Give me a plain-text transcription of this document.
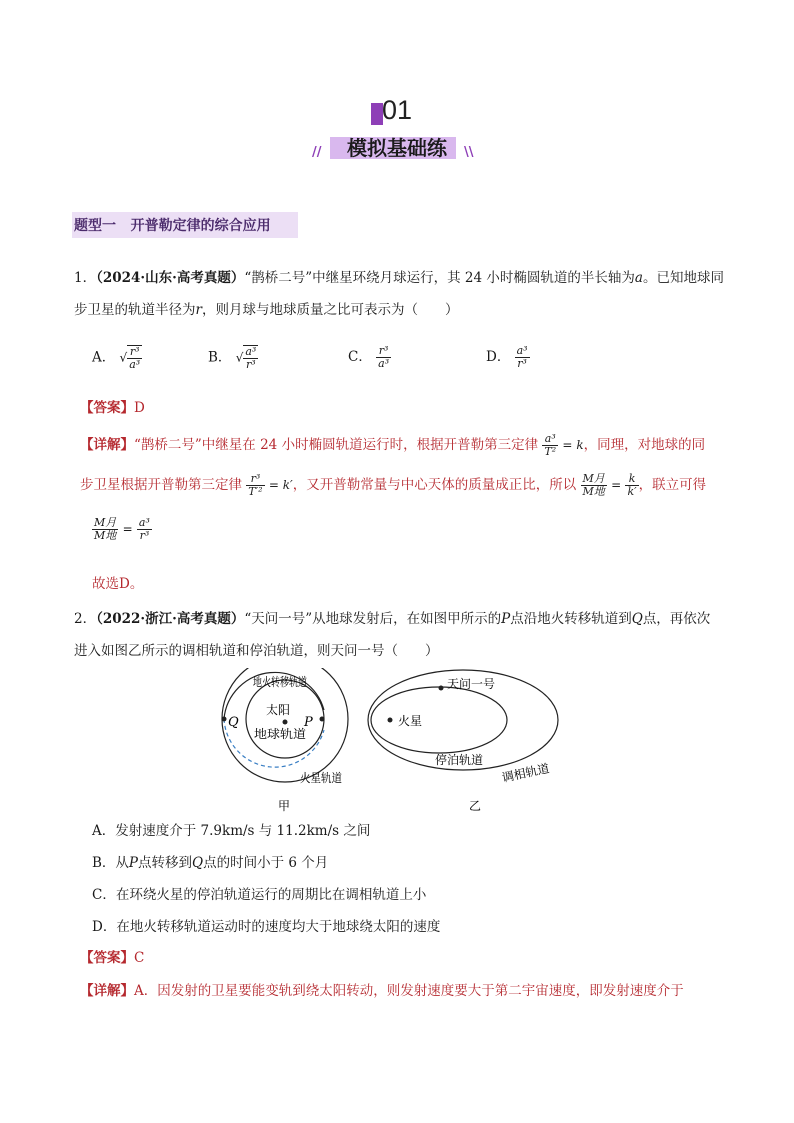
01
模拟基础练
//	\\
题型一 开普勒定律的综合应用
1．（2024·山东·高考真题）“鹊桥二号”中继星环绕月球运行，其 24 小时椭圆轨道的半长轴为a。已知地球同
步卫星的轨道半径为r，则月球与地球质量之比可表示为（　　）
A． √ $\frac{\text{r³}}{\text{a³}}$	B． √ $\frac{\text{a³}}{\text{r³}}$	C． $\frac{\text{r³}}{\text{a³}}$	D． $\frac{\text{a³}}{\text{r³}}$
【答案】D
【详解】“鹊桥二号”中继星在 24 小时椭圆轨道运行时，根据开普勒第三定律 $\frac{\text{a³}}{\text{T²}} = k$，同理，对地球的同
步卫星根据开普勒第三定律 $\frac{\text{r³}}{\text{T′²}} = k'$，又开普勒常量与中心天体的质量成正比，所以 $\frac{\text{M月}}{\text{M地}} = \frac{k}{k'}$ ，联立可得
$\frac{\text{M月}}{\text{M地}} = \frac{\text{a³}}{\text{r³}}$
故选D。
2．（2022·浙江·高考真题）“天问一号”从地球发射后，在如图甲所示的P点沿地火转移轨道到Q点，再依次
进入如图乙所示的调相轨道和停泊轨道，则天问一号（　　）
地火转移轨道
太阳
Q	P
地球轨道
火星轨道
甲
天问一号
火星
停泊轨道
调相轨道
乙
A．发射速度介于 7.9km/s 与 11.2km/s 之间
B．从P点转移到Q点的时间小于 6 个月
C．在环绕火星的停泊轨道运行的周期比在调相轨道上小
D．在地火转移轨道运动时的速度均大于地球绕太阳的速度
【答案】C
【详解】A．因发射的卫星要能变轨到绕太阳转动，则发射速度要大于第二宇宙速度，即发射速度介于
